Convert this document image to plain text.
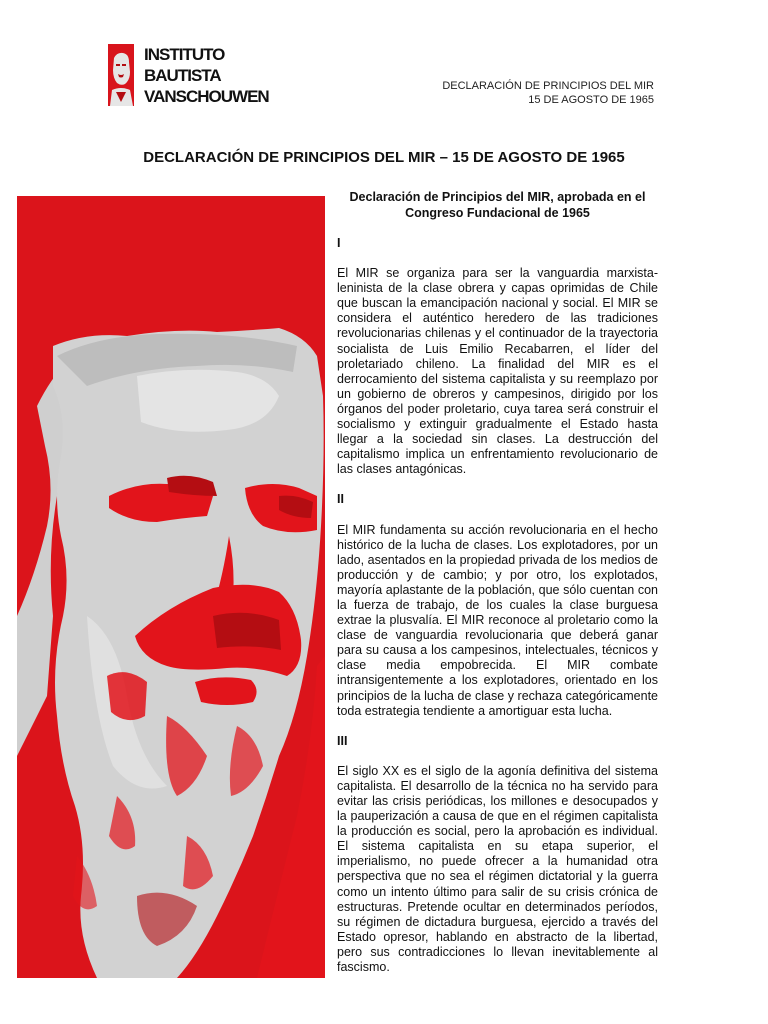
INSTITUTO
BAUTISTA
VANSCHOUWEN
DECLARACIÓN DE PRINCIPIOS DEL MIR
15 DE AGOSTO DE 1965
DECLARACIÓN DE PRINCIPIOS DEL MIR – 15 DE AGOSTO DE 1965
Declaración de Principios del MIR, aprobada en el Congreso Fundacional de 1965
I
El MIR se organiza para ser la vanguardia marxista-leninista de la clase obrera y capas oprimidas de Chile que buscan la emancipación nacional y social. El MIR se considera el auténtico heredero de las tradiciones revolucionarias chilenas y el continuador de la trayectoria socialista de Luis Emilio Recabarren, el líder del proletariado chileno. La finalidad del MIR es el derrocamiento del sistema capitalista y su reemplazo por un gobierno de obreros y campesinos, dirigido por los órganos del poder proletario, cuya tarea será construir el socialismo y extinguir gradualmente el Estado hasta llegar a la sociedad sin clases. La destrucción del capitalismo implica un enfrentamiento revolucionario de las clases antagónicas.
II
El MIR fundamenta su acción revolucionaria en el hecho histórico de la lucha de clases. Los explotadores, por un lado, asentados en la propiedad privada de los medios de producción y de cambio; y por otro, los explotados, mayoría aplastante de la población, que sólo cuentan con la fuerza de trabajo, de los cuales la clase burguesa extrae la plusvalía. El MIR reconoce al proletario como la clase de vanguardia revolucionaria que deberá ganar para su causa a los campesinos, intelectuales, técnicos y clase media empobrecida. El MIR combate intransigentemente a los explotadores, orientado en los principios de la lucha de clase y rechaza categóricamente toda estrategia tendiente a amortiguar esta lucha.
III
El siglo XX es el siglo de la agonía definitiva del sistema capitalista. El desarrollo de la técnica no ha servido para evitar las crisis periódicas, los millones e desocupados y la pauperización a causa de que en el régimen capitalista la producción es social, pero la aprobación es individual. El sistema capitalista en su etapa superior, el imperialismo, no puede ofrecer a la humanidad otra perspectiva que no sea el régimen dictatorial y la guerra como un intento último para salir de su crisis crónica de estructuras. Pretende ocultar en determinados períodos, su régimen de dictadura burguesa, ejercido a través del Estado opresor, hablando en abstracto de la libertad, pero sus contradicciones lo llevan inevitablemente al fascismo.
